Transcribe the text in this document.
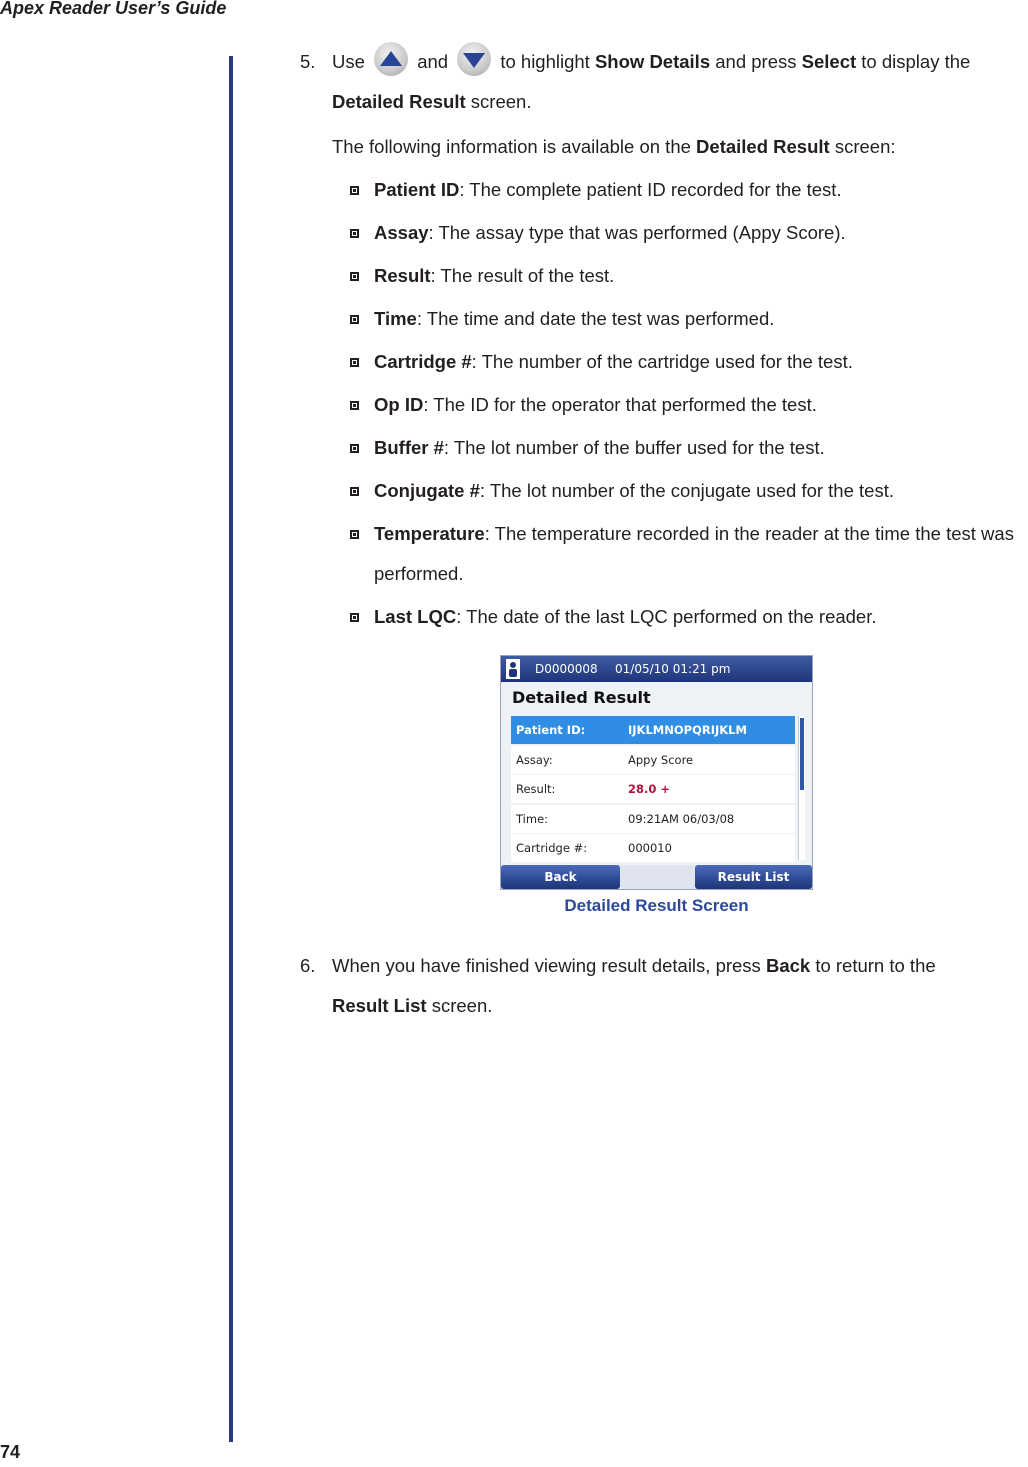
Apex Reader User’s Guide
5. Use	and	to highlight Show Details and press Select to display the
Detailed Result screen.
The following information is available on the Detailed Result screen:
Patient ID: The complete patient ID recorded for the test.
Assay: The assay type that was performed (Appy Score).
Result: The result of the test.
Time: The time and date the test was performed.
Cartridge #: The number of the cartridge used for the test.
Op ID: The ID for the operator that performed the test.
Buffer #: The lot number of the buffer used for the test.
Conjugate #: The lot number of the conjugate used for the test.
Temperature: The temperature recorded in the reader at the time the test was performed.
Last LQC: The date of the last LQC performed on the reader.
D0000008 01/05/10 01:21 pm
Detailed Result
Patient ID:	IJKLMNOPQRIJKLM
Assay:	Appy Score
Result:	28.0 +
Time:	09:21AM 06/03/08
Cartridge #:	000010
Back	Result List
Detailed Result Screen
6. When you have finished viewing result details, press Back to return to the
Result List screen.
74
